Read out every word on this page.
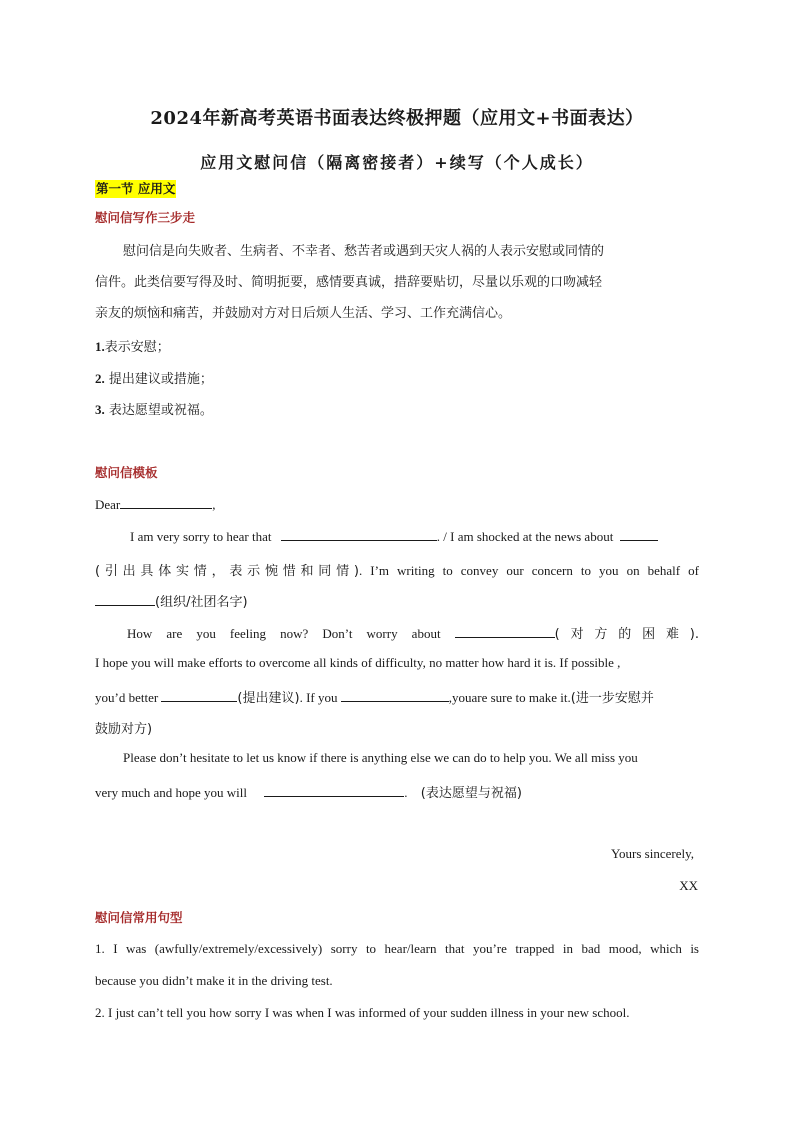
2024年新高考英语书面表达终极押题（应用文+书面表达）
应用文慰问信（隔离密接者）+续写（个人成长）
第一节 应用文
慰问信写作三步走
慰问信是向失败者、生病者、不幸者、愁苦者或遇到天灾人祸的人表示安慰或同情的
信件。此类信要写得及时、简明扼要，感情要真诚，措辞要贴切，尽量以乐观的口吻减轻
亲友的烦恼和痛苦，并鼓励对方对日后烦人生活、学习、工作充满信心。
1.表示安慰；
2. 提出建议或措施；
3. 表达愿望或祝福。
慰问信模板
Dear	,
I am very sorry to hear that	. / I am shocked at the news about
(引出具体实情，表示惋惜和同情). I’m writing to convey our concern to you on behalf of
(组织/社团名字)
How are you feeling now? Don’t worry about	(对方的困难).
I hope you will make efforts to overcome all kinds of difficulty, no matter how hard it is. If possible ,
you’d better	(提出建议). If you	,youare sure to make it.(进一步安慰并
鼓励对方)
Please don’t hesitate to let us know if there is anything else we can do to help you. We all miss you
very much and hope you will	. (表达愿望与祝福)
Yours sincerely,
XX
慰问信常用句型
1. I was (awfully/extremely/excessively) sorry to hear/learn that you’re trapped in bad mood, which is
because you didn’t make it in the driving test.
2. I just can’t tell you how sorry I was when I was informed of your sudden illness in your new school.
